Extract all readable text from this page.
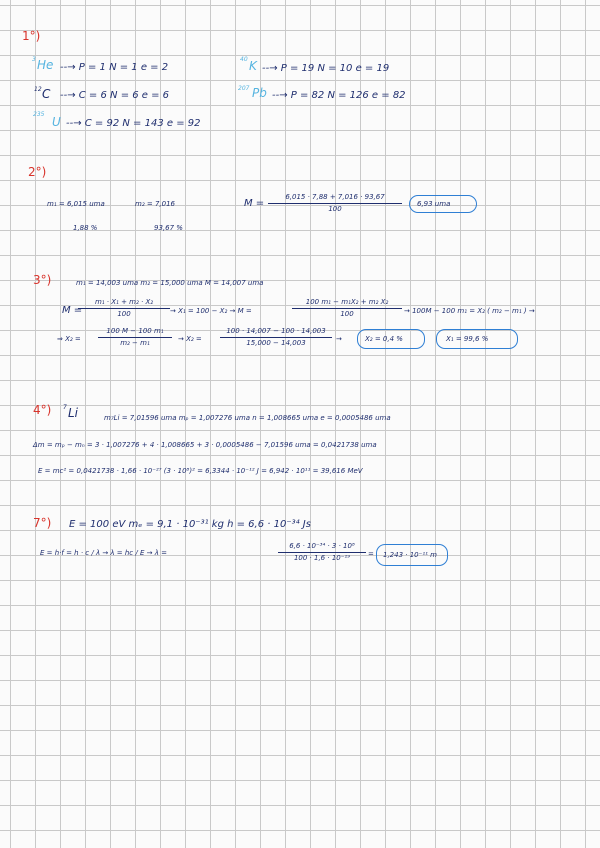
1°)
3 He --→ P = 1 N = 1 e = 2
12 C --→ C = 6 N = 6 e = 6
235
U --→ C = 92 N = 143 e = 92
40 K --→ P = 19 N = 10 e = 19
207 Pb --→ P = 82 N = 126 e = 82
2°)
m₁ = 6,015 uma	m₂ = 7,016
1,88 %	93,67 %
M =
6,015 · 7,88 + 7,016 · 93,67
100
6,93 uma
3°)	m₁ = 14,003 uma m₂ = 15,000 uma M = 14,007 uma
M =
m₁ · X₁ + m₂ · X₂
100	→ X₁ = 100 − X₂ → M =
100 m₁ − m₁X₂ + m₂ X₂
100	→ 100M − 100 m₁ = X₂ ( m₂ − m₁ ) →
⇒ X₂ =
100 M − 100 m₁
m₂ − m₁	→ X₂ =
100 · 14,007 − 100 · 14,003
15,000 − 14,003	→	X₂ = 0,4 %	X₁ = 99,6 %
4°) 7 Li	m₇Li = 7,01596 uma mₚ = 1,007276 uma n = 1,008665 uma e = 0,0005486 uma
Δm = mₚ − mₙ = 3 · 1,007276 + 4 · 1,008665 + 3 · 0,0005486 − 7,01596 uma = 0,0421738 uma
E = mc² = 0,0421738 · 1,66 · 10⁻²⁷ (3 · 10⁸)² = 6,3344 · 10⁻¹² J = 6,942 · 10¹¹ = 39,616 MeV
7°) E = 100 eV mₑ = 9,1 · 10⁻³¹ kg h = 6,6 · 10⁻³⁴ Js
E = h·f = h · c / λ → λ = hc / E → λ =
6,6 · 10⁻³⁴ · 3 · 10⁸
100 · 1,6 · 10⁻¹⁹	= 1,243 · 10⁻¹¹ m
